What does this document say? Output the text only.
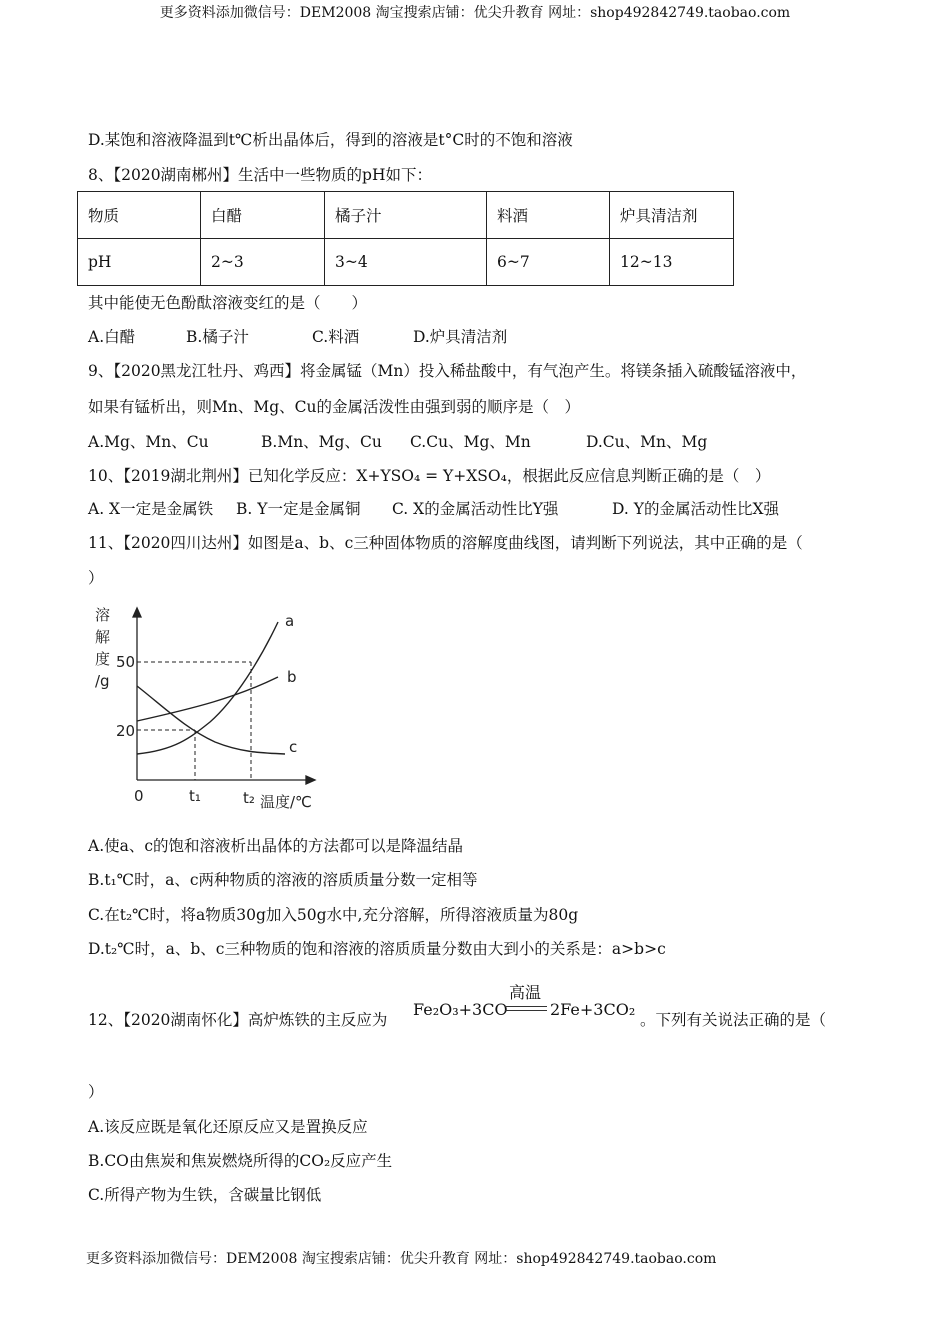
更多资料添加微信号：DEM2008 淘宝搜索店铺：优尖升教育 网址：shop492842749.taobao.com
D.某饱和溶液降温到t℃析出晶体后，得到的溶液是t°C时的不饱和溶液
8、【2020湖南郴州】生活中一些物质的pH如下：
物质	白醋	橘子汁	料酒	炉具清洁剂
pH	2~3	3~4	6~7	12~13
其中能使无色酚酞溶液变红的是（　　）
A.白醋	B.橘子汁	C.料酒	D.炉具清洁剂
9、【2020黑龙江牡丹、鸡西】将金属锰（Mn）投入稀盐酸中，有气泡产生。将镁条插入硫酸锰溶液中，
如果有锰析出，则Mn、Mg、Cu的金属活泼性由强到弱的顺序是（　）
A.Mg、Mn、Cu	B.Mn、Mg、Cu C.Cu、Mg、Mn	D.Cu、Mn、Mg
10、【2019湖北荆州】已知化学反应：X+YSO₄ = Y+XSO₄，根据此反应信息判断正确的是（　）
A. X一定是金属铁 B. Y一定是金属铜 C. X的金属活动性比Y强	D. Y的金属活动性比X强
11、【2020四川达州】如图是a、b、c三种固体物质的溶解度曲线图，请判断下列说法，其中正确的是（
）
溶
解
度
/g
50
20
0	t₁	t₂ 温度/℃
a
b
c
A.使a、c的饱和溶液析出晶体的方法都可以是降温结晶
B.t₁℃时，a、c两种物质的溶液的溶质质量分数一定相等
C.在t₂℃时，将a物质30g加入50g水中,充分溶解，所得溶液质量为80g
D.t₂℃时，a、b、c三种物质的饱和溶液的溶质质量分数由大到小的关系是：a>b>c
12、【2020湖南怀化】高炉炼铁的主反应为
Fe₂O₃+3CO
高温
2Fe+3CO₂
。下列有关说法正确的是（
）
A.该反应既是氧化还原反应又是置换反应
B.CO由焦炭和焦炭燃烧所得的CO₂反应产生
C.所得产物为生铁，含碳量比钢低
更多资料添加微信号：DEM2008 淘宝搜索店铺：优尖升教育 网址：shop492842749.taobao.com
